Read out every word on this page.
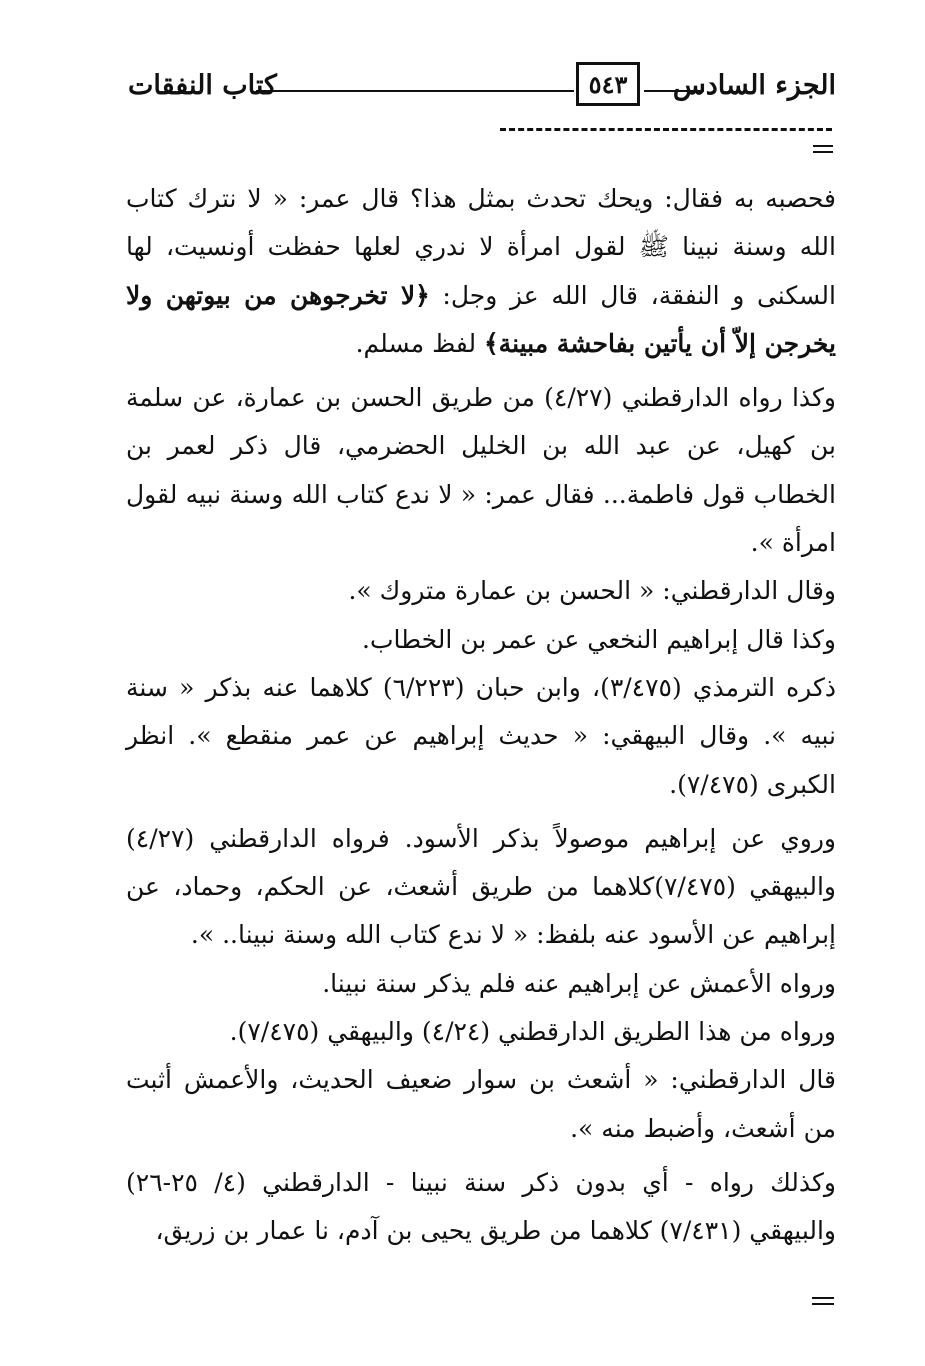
كتاب النفقات	٥٤٣	الجزء السادس

فحصبه به فقال: ويحك تحدث بمثل هذا؟ قال عمر: « لا نترك كتاب الله وسنة نبينا ﷺ لقول امرأة لا ندري لعلها حفظت أونسيت، لها السكنى و النفقة، قال الله عز وجل: ﴿لا تخرجوهن من بيوتهن ولا يخرجن إلاّ أن يأتين بفاحشة مبينة﴾ لفظ مسلم.

وكذا رواه الدارقطني (٤/٢٧) من طريق الحسن بن عمارة، عن سلمة بن كهيل، عن عبد الله بن الخليل الحضرمي، قال ذكر لعمر بن الخطاب قول فاطمة... فقال عمر: « لا ندع كتاب الله وسنة نبيه لقول امرأة ».

وقال الدارقطني: « الحسن بن عمارة متروك ».

وكذا قال إبراهيم النخعي عن عمر بن الخطاب.

ذكره الترمذي (٣/٤٧٥)، وابن حبان (٦/٢٢٣) كلاهما عنه بذكر « سنة نبيه ». وقال البيهقي: « حديث إبراهيم عن عمر منقطع ». انظر الكبرى (٧/٤٧٥).

وروي عن إبراهيم موصولاً بذكر الأسود. فرواه الدارقطني (٤/٢٧) والبيهقي (٧/٤٧٥)كلاهما من طريق أشعث، عن الحكم، وحماد، عن إبراهيم عن الأسود عنه بلفظ: « لا ندع كتاب الله وسنة نبينا.. ».

ورواه الأعمش عن إبراهيم عنه فلم يذكر سنة نبينا.

ورواه من هذا الطريق الدارقطني (٤/٢٤) والبيهقي (٧/٤٧٥).

قال الدارقطني: « أشعث بن سوار ضعيف الحديث، والأعمش أثبت من أشعث، وأضبط منه ».

وكذلك رواه - أي بدون ذكر سنة نبينا - الدارقطني (٤/ ٢٥-٢٦) والبيهقي (٧/٤٣١) كلاهما من طريق يحيى بن آدم، نا عمار بن زريق،
